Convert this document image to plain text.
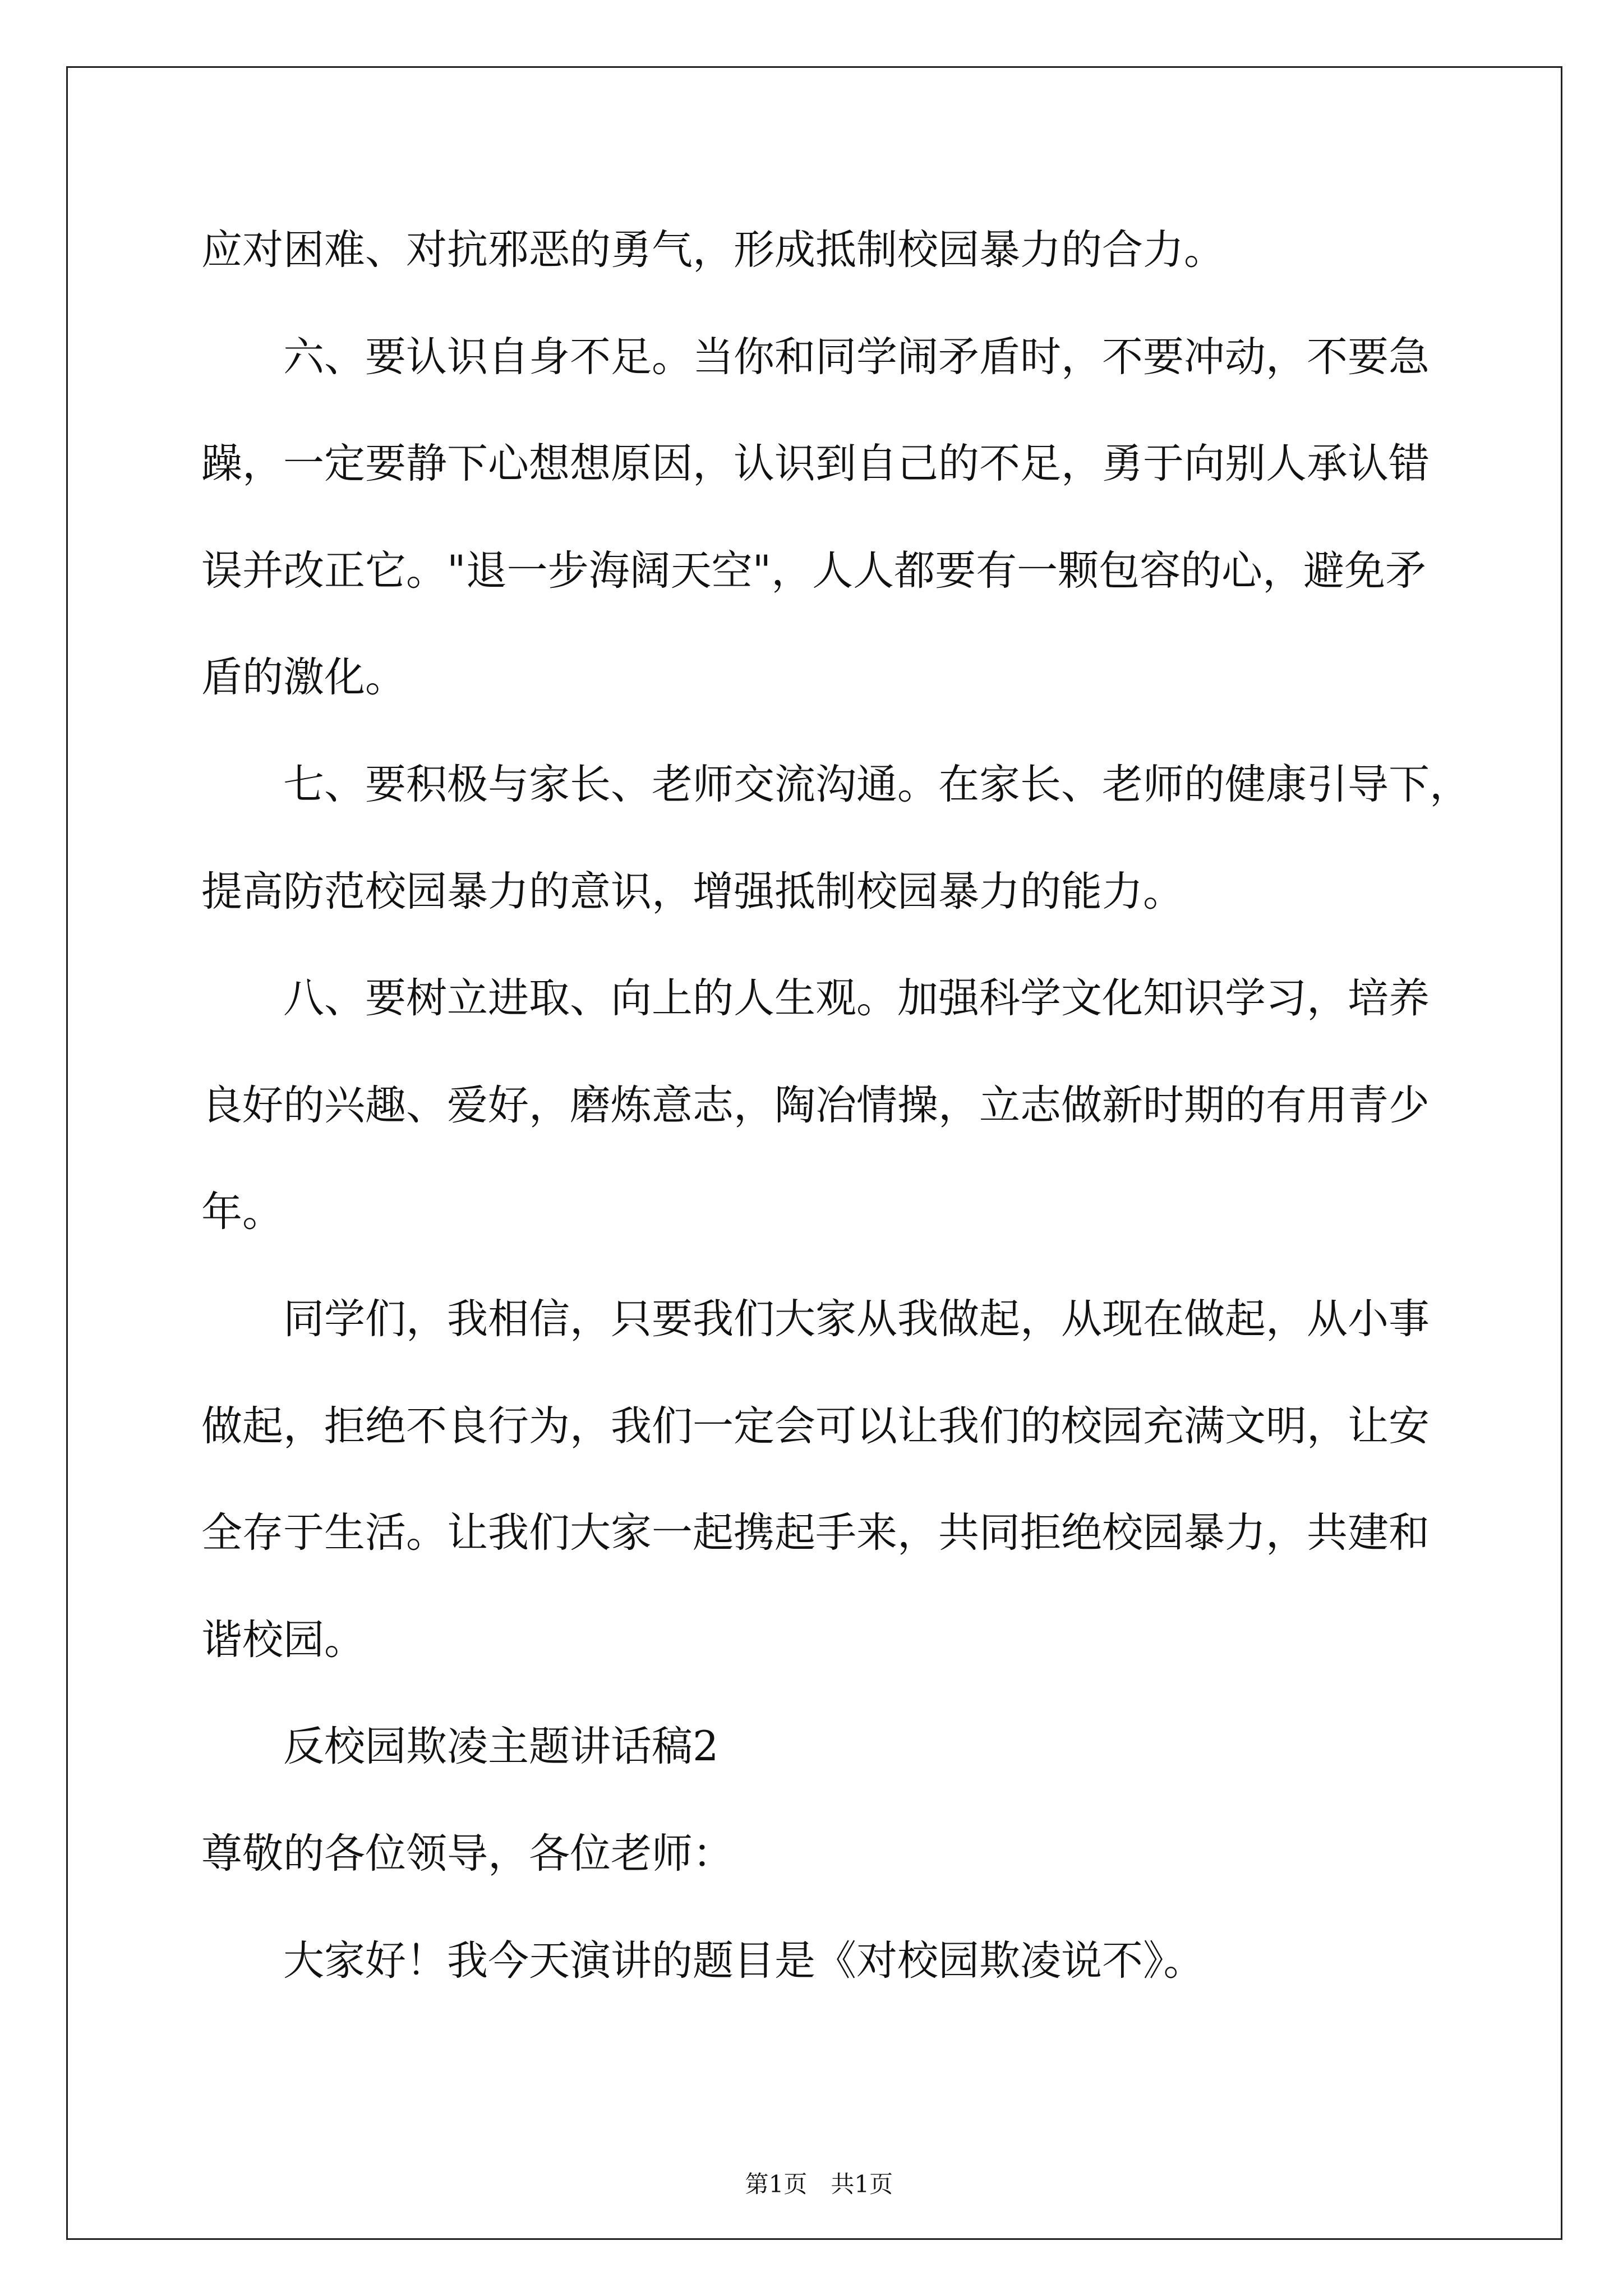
应对困难、对抗邪恶的勇气，形成抵制校园暴力的合力。
六、要认识自身不足。当你和同学闹矛盾时，不要冲动，不要急
躁，一定要静下心想想原因，认识到自己的不足，勇于向别人承认错
误并改正它。"退一步海阔天空"，人人都要有一颗包容的心，避免矛
盾的激化。
七、要积极与家长、老师交流沟通。在家长、老师的健康引导下，
提高防范校园暴力的意识，增强抵制校园暴力的能力。
八、要树立进取、向上的人生观。加强科学文化知识学习，培养
良好的兴趣、爱好，磨炼意志，陶冶情操，立志做新时期的有用青少
年。
同学们，我相信，只要我们大家从我做起，从现在做起，从小事
做起，拒绝不良行为，我们一定会可以让我们的校园充满文明，让安
全存于生活。让我们大家一起携起手来，共同拒绝校园暴力，共建和
谐校园。
反校园欺凌主题讲话稿2
尊敬的各位领导，各位老师：
大家好！我今天演讲的题目是《对校园欺凌说不》。

第1页　共1页
